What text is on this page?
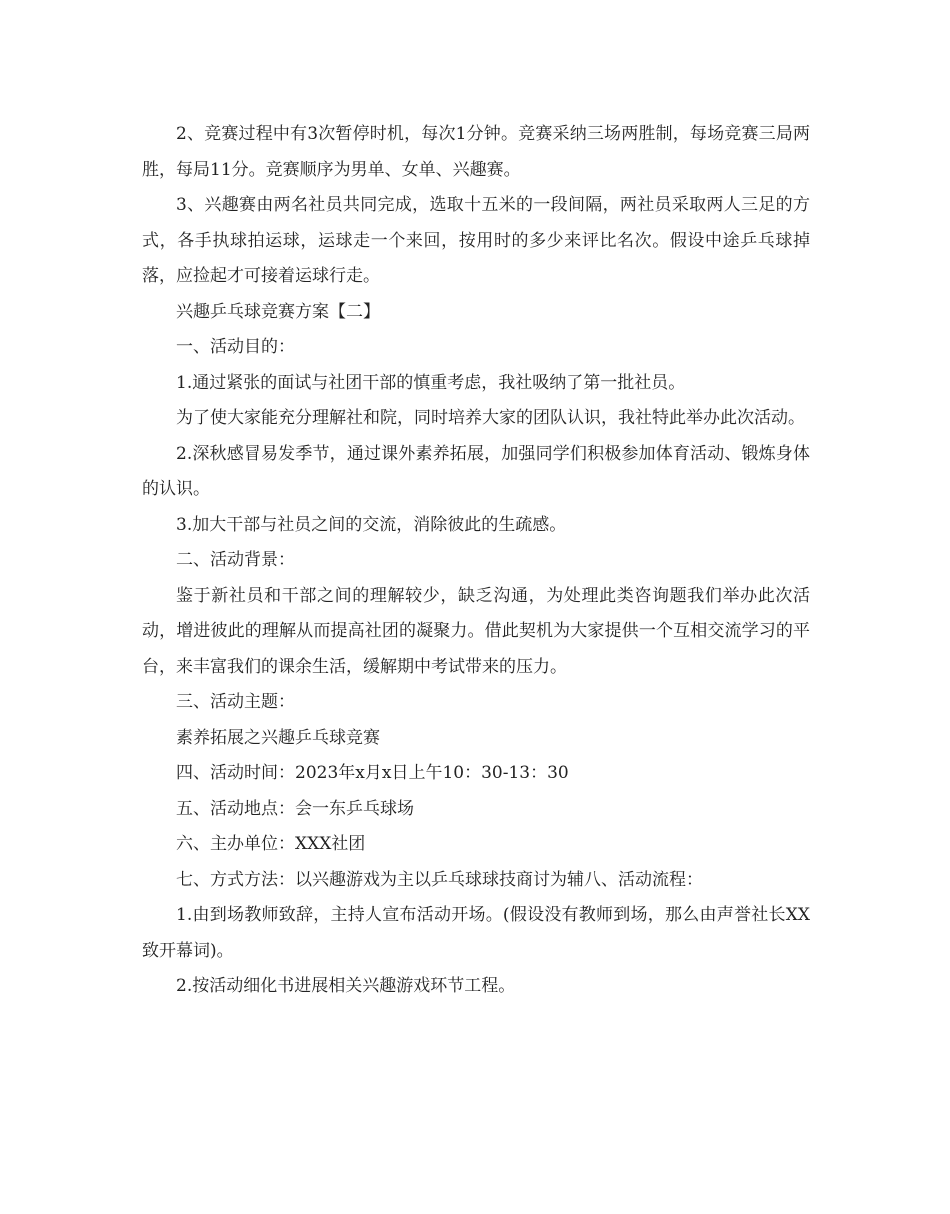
2、竞赛过程中有3次暂停时机，每次1分钟。竞赛采纳三场两胜制，每场竞赛三局两胜，每局11分。竞赛顺序为男单、女单、兴趣赛。

3、兴趣赛由两名社员共同完成，选取十五米的一段间隔，两社员采取两人三足的方式，各手执球拍运球，运球走一个来回，按用时的多少来评比名次。假设中途乒乓球掉落，应捡起才可接着运球行走。

兴趣乒乓球竞赛方案【二】

一、活动目的：

1.通过紧张的面试与社团干部的慎重考虑，我社吸纳了第一批社员。

为了使大家能充分理解社和院，同时培养大家的团队认识，我社特此举办此次活动。

2.深秋感冒易发季节，通过课外素养拓展，加强同学们积极参加体育活动、锻炼身体的认识。

3.加大干部与社员之间的交流，消除彼此的生疏感。

二、活动背景：

鉴于新社员和干部之间的理解较少，缺乏沟通，为处理此类咨询题我们举办此次活动，增进彼此的理解从而提高社团的凝聚力。借此契机为大家提供一个互相交流学习的平台，来丰富我们的课余生活，缓解期中考试带来的压力。

三、活动主题：

素养拓展之兴趣乒乓球竞赛

四、活动时间：2023年x月x日上午10：30-13：30

五、活动地点：会一东乒乓球场

六、主办单位：XXX社团

七、方式方法：以兴趣游戏为主以乒乓球球技商讨为辅八、活动流程：

1.由到场教师致辞，主持人宣布活动开场。(假设没有教师到场，那么由声誉社长XX致开幕词)。

2.按活动细化书进展相关兴趣游戏环节工程。
